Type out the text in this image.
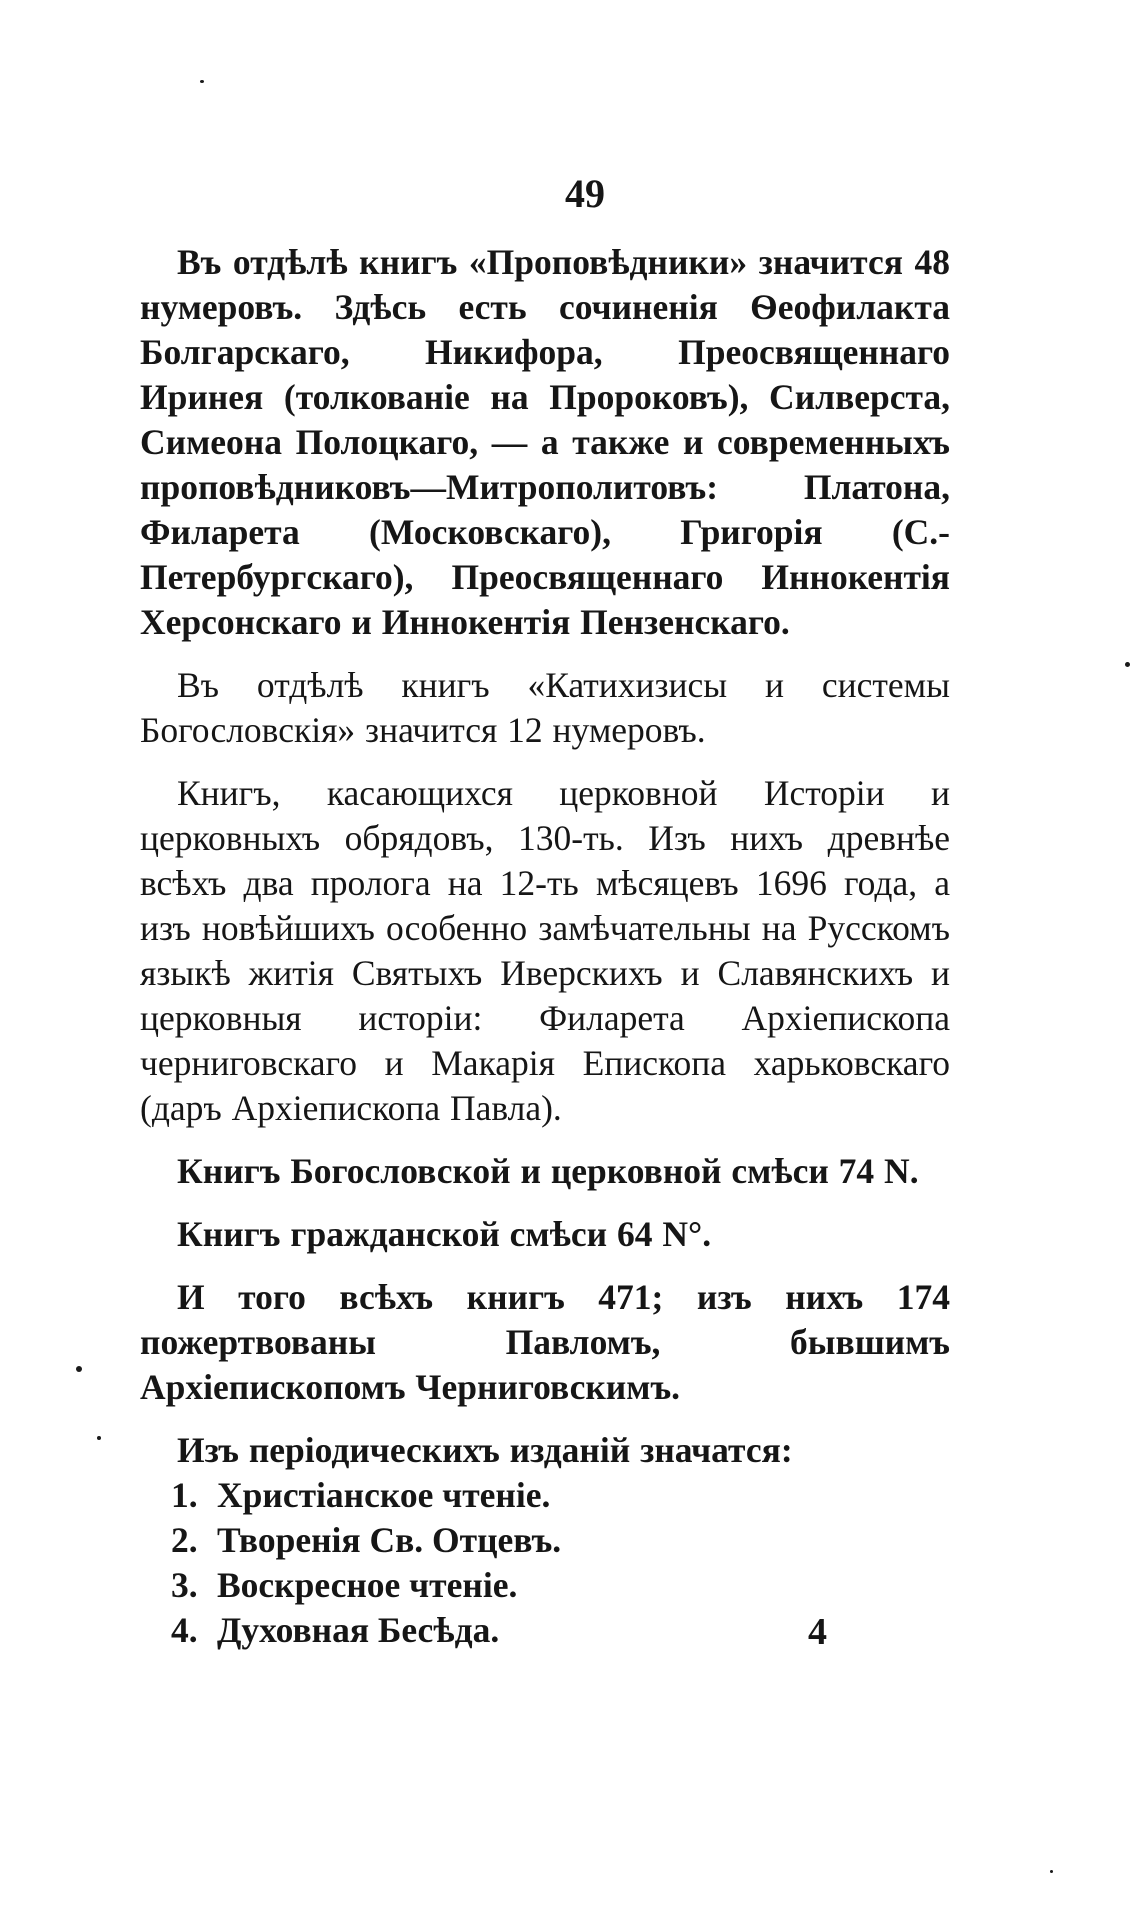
49

Въ отдѣлѣ книгъ «Проповѣдники» значится 48 нумеровъ. Здѣсь есть сочиненія Ѳеофилакта Болгарскаго, Никифора, Преосвященнаго Иринея (толкованіе на Пророковъ), Силверста, Симеона Полоцкаго, — а также и современныхъ проповѣдниковъ—Митрополитовъ: Платона, Филарета (Московскаго), Григорія (С.-Петербургскаго), Преосвященнаго Иннокентія Херсонскаго и Иннокентія Пензенскаго.

Въ отдѣлѣ книгъ «Катихизисы и системы Богословскія» значится 12 нумеровъ.

Книгъ, касающихся церковной Исторіи и церковныхъ обрядовъ, 130-ть. Изъ нихъ древнѣе всѣхъ два пролога на 12-ть мѣсяцевъ 1696 года, а изъ новѣйшихъ особенно замѣчательны на Русскомъ языкѣ житія Святыхъ Иверскихъ и Славянскихъ и церковныя исторіи: Филарета Архіепископа черниговскаго и Макарія Епископа харьковскаго (даръ Архіепископа Павла).

Книгъ Богословской и церковной смѣси 74 N.

Книгъ гражданской смѣси 64 N°.

И того всѣхъ книгъ 471; изъ нихъ 174 пожертвованы Павломъ, бывшимъ Архіепископомъ Черниговскимъ.

Изъ періодическихъ изданій значатся:

1. Христіанское чтеніе.
2. Творенія Св. Отцевъ.
3. Воскресное чтеніе.
4. Духовная Бесѣда.	4
